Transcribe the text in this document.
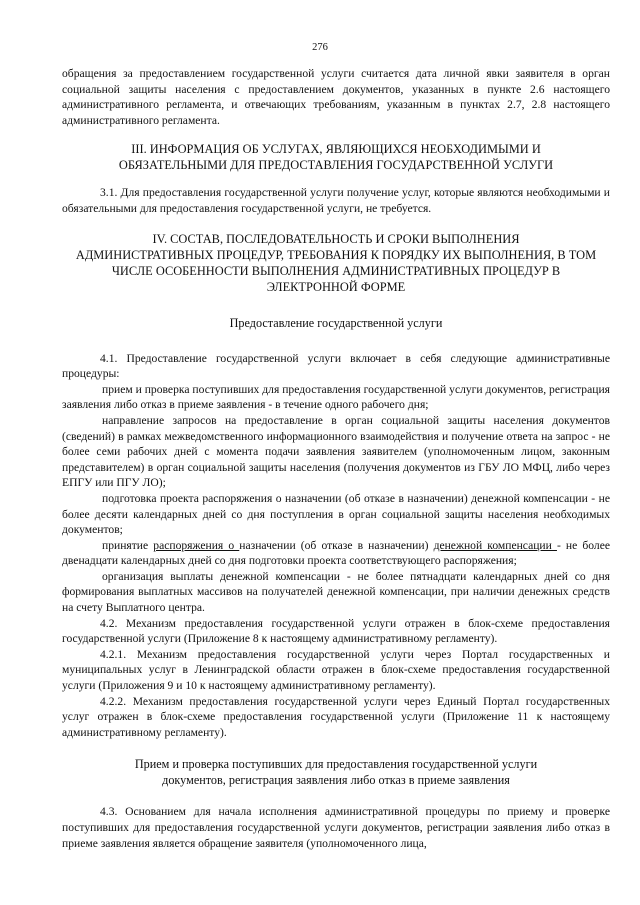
276

обращения за предоставлением государственной услуги считается дата личной явки заявителя в орган социальной защиты населения с предоставлением документов, указанных в пункте 2.6 настоящего административного регламента, и отвечающих требованиям, указанным в пунктах 2.7, 2.8 настоящего административного регламента.

III. ИНФОРМАЦИЯ ОБ УСЛУГАХ, ЯВЛЯЮЩИХСЯ НЕОБХОДИМЫМИ И
ОБЯЗАТЕЛЬНЫМИ ДЛЯ ПРЕДОСТАВЛЕНИЯ ГОСУДАРСТВЕННОЙ УСЛУГИ

3.1. Для предоставления государственной услуги получение услуг, которые являются необходимыми и обязательными для предоставления государственной услуги, не требуется.

IV. СОСТАВ, ПОСЛЕДОВАТЕЛЬНОСТЬ И СРОКИ ВЫПОЛНЕНИЯ
АДМИНИСТРАТИВНЫХ ПРОЦЕДУР, ТРЕБОВАНИЯ К ПОРЯДКУ ИХ ВЫПОЛНЕНИЯ, В ТОМ
ЧИСЛЕ ОСОБЕННОСТИ ВЫПОЛНЕНИЯ АДМИНИСТРАТИВНЫХ ПРОЦЕДУР В
ЭЛЕКТРОННОЙ ФОРМЕ
Предоставление государственной услуги

4.1. Предоставление государственной услуги включает в себя следующие административные процедуры:

прием и проверка поступивших для предоставления государственной услуги документов, регистрация заявления либо отказ в приеме заявления - в течение одного рабочего дня;

направление запросов на предоставление в орган социальной защиты населения документов (сведений) в рамках межведомственного информационного взаимодействия и получение ответа на запрос - не более семи рабочих дней с момента подачи заявления заявителем (уполномоченным лицом, законным представителем) в орган социальной защиты населения (получения документов из ГБУ ЛО МФЦ, либо через ЕПГУ или ПГУ ЛО);

подготовка проекта распоряжения о назначении (об отказе в назначении) денежной компенсации - не более десяти календарных дней со дня поступления в орган социальной защиты населения необходимых документов;

принятие распоряжения о назначении (об отказе в назначении) денежной компенсации - не более двенадцати календарных дней со дня подготовки проекта соответствующего распоряжения;

организация выплаты денежной компенсации - не более пятнадцати календарных дней со дня формирования выплатных массивов на получателей денежной компенсации, при наличии денежных средств на счету Выплатного центра.

4.2. Механизм предоставления государственной услуги отражен в блок-схеме предоставления государственной услуги (Приложение 8 к настоящему административному регламенту).

4.2.1. Механизм предоставления государственной услуги через Портал государственных и муниципальных услуг в Ленинградской области отражен в блок-схеме предоставления государственной услуги (Приложения 9 и 10 к настоящему административному регламенту).

4.2.2. Механизм предоставления государственной услуги через Единый Портал государственных услуг отражен в блок-схеме предоставления государственной услуги (Приложение 11 к настоящему административному регламенту).

Прием и проверка поступивших для предоставления государственной услуги
документов, регистрация заявления либо отказ в приеме заявления

4.3. Основанием для начала исполнения административной процедуры по приему и проверке поступивших для предоставления государственной услуги документов, регистрации заявления либо отказ в приеме заявления является обращение заявителя (уполномоченного лица,
